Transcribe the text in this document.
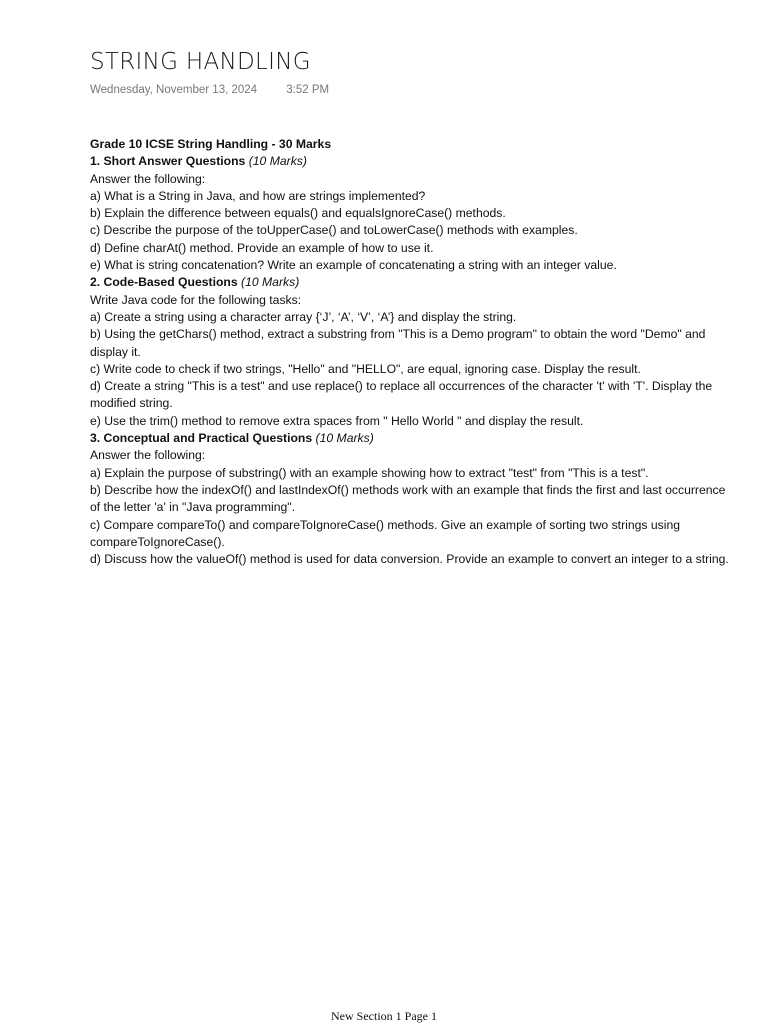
STRING HANDLING
Wednesday, November 13, 2024	3:52 PM
Grade 10 ICSE String Handling - 30 Marks
1. Short Answer Questions (10 Marks)
Answer the following:
a) What is a String in Java, and how are strings implemented?
b) Explain the difference between equals() and equalsIgnoreCase() methods.
c) Describe the purpose of the toUpperCase() and toLowerCase() methods with examples.
d) Define charAt() method. Provide an example of how to use it.
e) What is string concatenation? Write an example of concatenating a string with an integer value.
2. Code-Based Questions (10 Marks)
Write Java code for the following tasks:
a) Create a string using a character array {‘J’, ‘A’, ‘V’, ‘A’} and display the string.
b) Using the getChars() method, extract a substring from "This is a Demo program" to obtain the word "Demo" and display it.
c) Write code to check if two strings, "Hello" and "HELLO", are equal, ignoring case. Display the result.
d) Create a string "This is a test" and use replace() to replace all occurrences of the character 't' with 'T'. Display the modified string.
e) Use the trim() method to remove extra spaces from " Hello World " and display the result.
3. Conceptual and Practical Questions (10 Marks)
Answer the following:
a) Explain the purpose of substring() with an example showing how to extract "test" from "This is a test".
b) Describe how the indexOf() and lastIndexOf() methods work with an example that finds the first and last occurrence of the letter 'a' in "Java programming".
c) Compare compareTo() and compareToIgnoreCase() methods. Give an example of sorting two strings using compareToIgnoreCase().
d) Discuss how the valueOf() method is used for data conversion. Provide an example to convert an integer to a string.
New Section 1 Page 1
